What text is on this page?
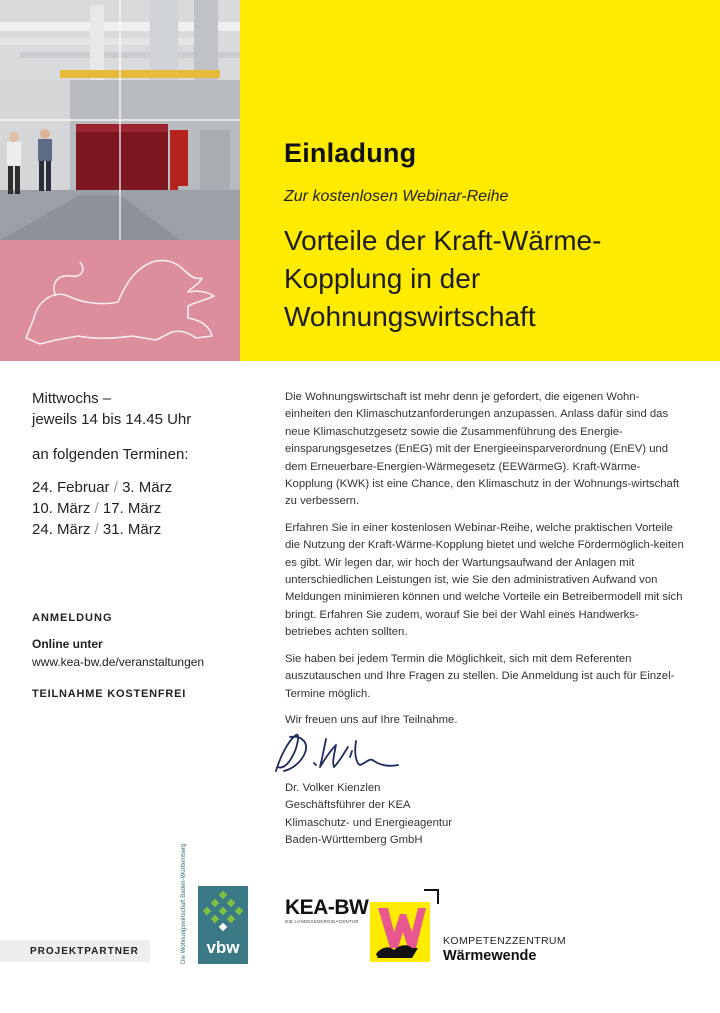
Einladung
Zur kostenlosen Webinar-Reihe
Vorteile der Kraft-Wärme-
Kopplung in der
Wohnungswirtschaft
Mittwochs –
jeweils 14 bis 14.45 Uhr
an folgenden Terminen:
24. Februar / 3. März
10. März / 17. März
24. März / 31. März
ANMELDUNG
Online unter
www.kea-bw.de/veranstaltungen
TEILNAHME KOSTENFREI

Die Wohnungswirtschaft ist mehr denn je gefordert, die eigenen Wohn-einheiten den Klimaschutzanforderungen anzupassen. Anlass dafür sind das neue Klimaschutzgesetz sowie die Zusammenführung des Energie-einsparungsgesetzes (EnEG) mit der Energieeinsparverordnung (EnEV) und dem Erneuerbare-Energien-Wärmegesetz (EEWärmeG). Kraft-Wärme-Kopplung (KWK) ist eine Chance, den Klimaschutz in der Wohnungs-wirtschaft zu verbessern.

Erfahren Sie in einer kostenlosen Webinar-Reihe, welche praktischen Vorteile die Nutzung der Kraft-Wärme-Kopplung bietet und welche Fördermöglich-keiten es gibt. Wir legen dar, wir hoch der Wartungsaufwand der Anlagen mit unterschiedlichen Leistungen ist, wie Sie den administrativen Aufwand von Meldungen minimieren können und welche Vorteile ein Betreibermodell mit sich bringt. Erfahren Sie zudem, worauf Sie bei der Wahl eines Handwerks-betriebes achten sollten.

Sie haben bei jedem Termin die Möglichkeit, sich mit dem Referenten auszutauschen und Ihre Fragen zu stellen. Die Anmeldung ist auch für Einzel-Termine möglich.

Wir freuen uns auf Ihre Teilnahme.

Dr. Volker Kienzlen
Geschäftsführer der KEA
Klimaschutz- und Energieagentur
Baden-Württemberg GmbH
PROJEKTPARTNER	Die Wohnungswirtschaft Baden-Württemberg	vbw
KEA-BW
DIE LANDESENERGIEAGENTUR
KOMPETENZZENTRUM
Wärmewende
